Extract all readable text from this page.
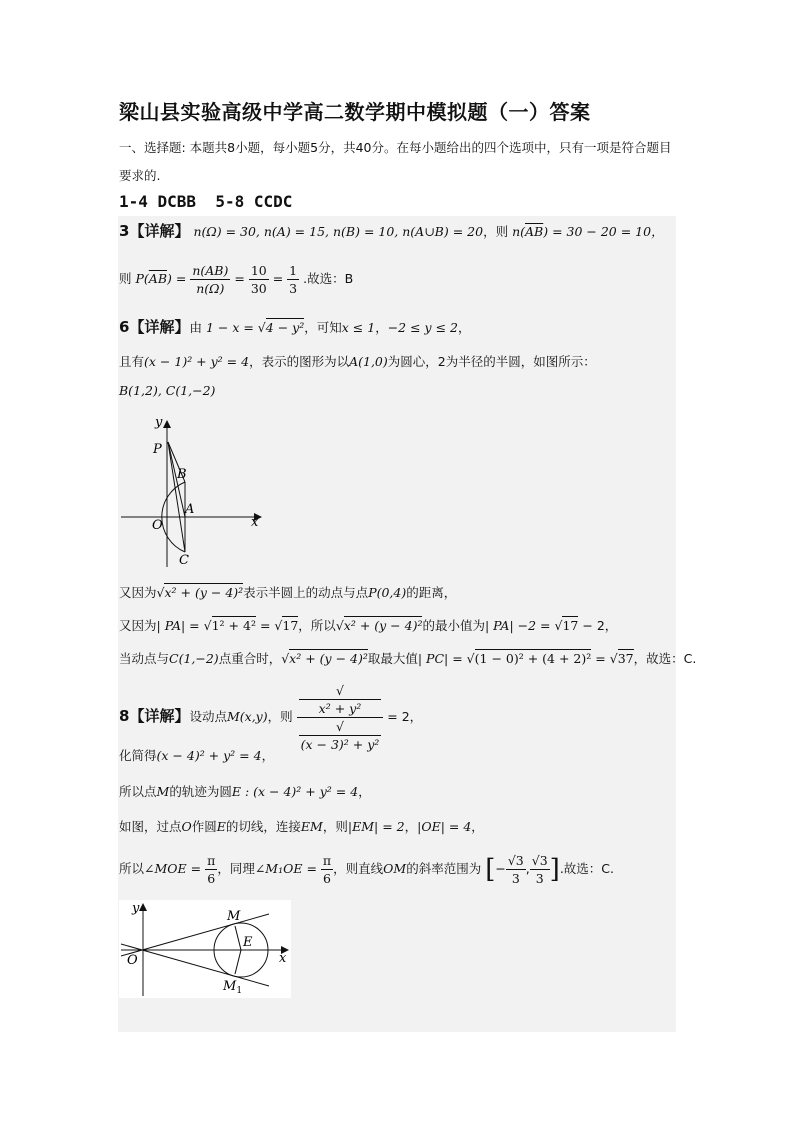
梁山县实验高级中学高二数学期中模拟题（一）答案
一、选择题: 本题共8小题，每小题5分，共40分。在每小题给出的四个选项中，只有一项是符合题目要求的.
1-4 DCBB  5-8 CCDC
3【详解】 n(Ω) = 30, n(A) = 15, n(B) = 10, n(A∪B) = 20，则 $n(\overline{AB}) = 30 - 20 = 10$，
则 $P(\overline{AB}) = \frac{n(AB)}{n(\Omega)} = \frac{10}{30} = \frac{1}{3}$ .故选：B
6【详解】由 1 − x = √4 − y²，可知x ≤ 1，−2 ≤ y ≤ 2，
且有(x − 1)² + y² = 4，表示的图形为以A(1,0)为圆心，2为半径的半圆，如图所示：
B(1,2), C(1,−2)
y
x
P
B
A
O
C
又因为√x² + (y − 4)²表示半圆上的动点与点P(0,4)的距离，
又因为| PA| = √1² + 4² = √17，所以√x² + (y − 4)²的最小值为| PA| −2 = √17 − 2，
当动点与C(1,−2)点重合时，√x² + (y − 4)²取最大值| PC| = √(1 − 0)² + (4 + 2)² = √37，故选：C.
8【详解】设动点M(x,y)，则 √
x² + y²
√
(x − 3)² + y² = 2，
化简得(x − 4)² + y² = 4，
所以点M的轨迹为圆E : (x − 4)² + y² = 4，
如图，过点O作圆E的切线，连接EM，则|EM| = 2，|OE| = 4，
所以∠MOE = $\frac{\pi}{6}$ ，同理∠M₁OE = $\frac{\pi}{6}$ ，则直线OM的斜率范围为 [− $\frac{√3}{3}$ , $\frac{√3}{3}$ ].故选：C.
y
x
O
M
E
$M_1$
